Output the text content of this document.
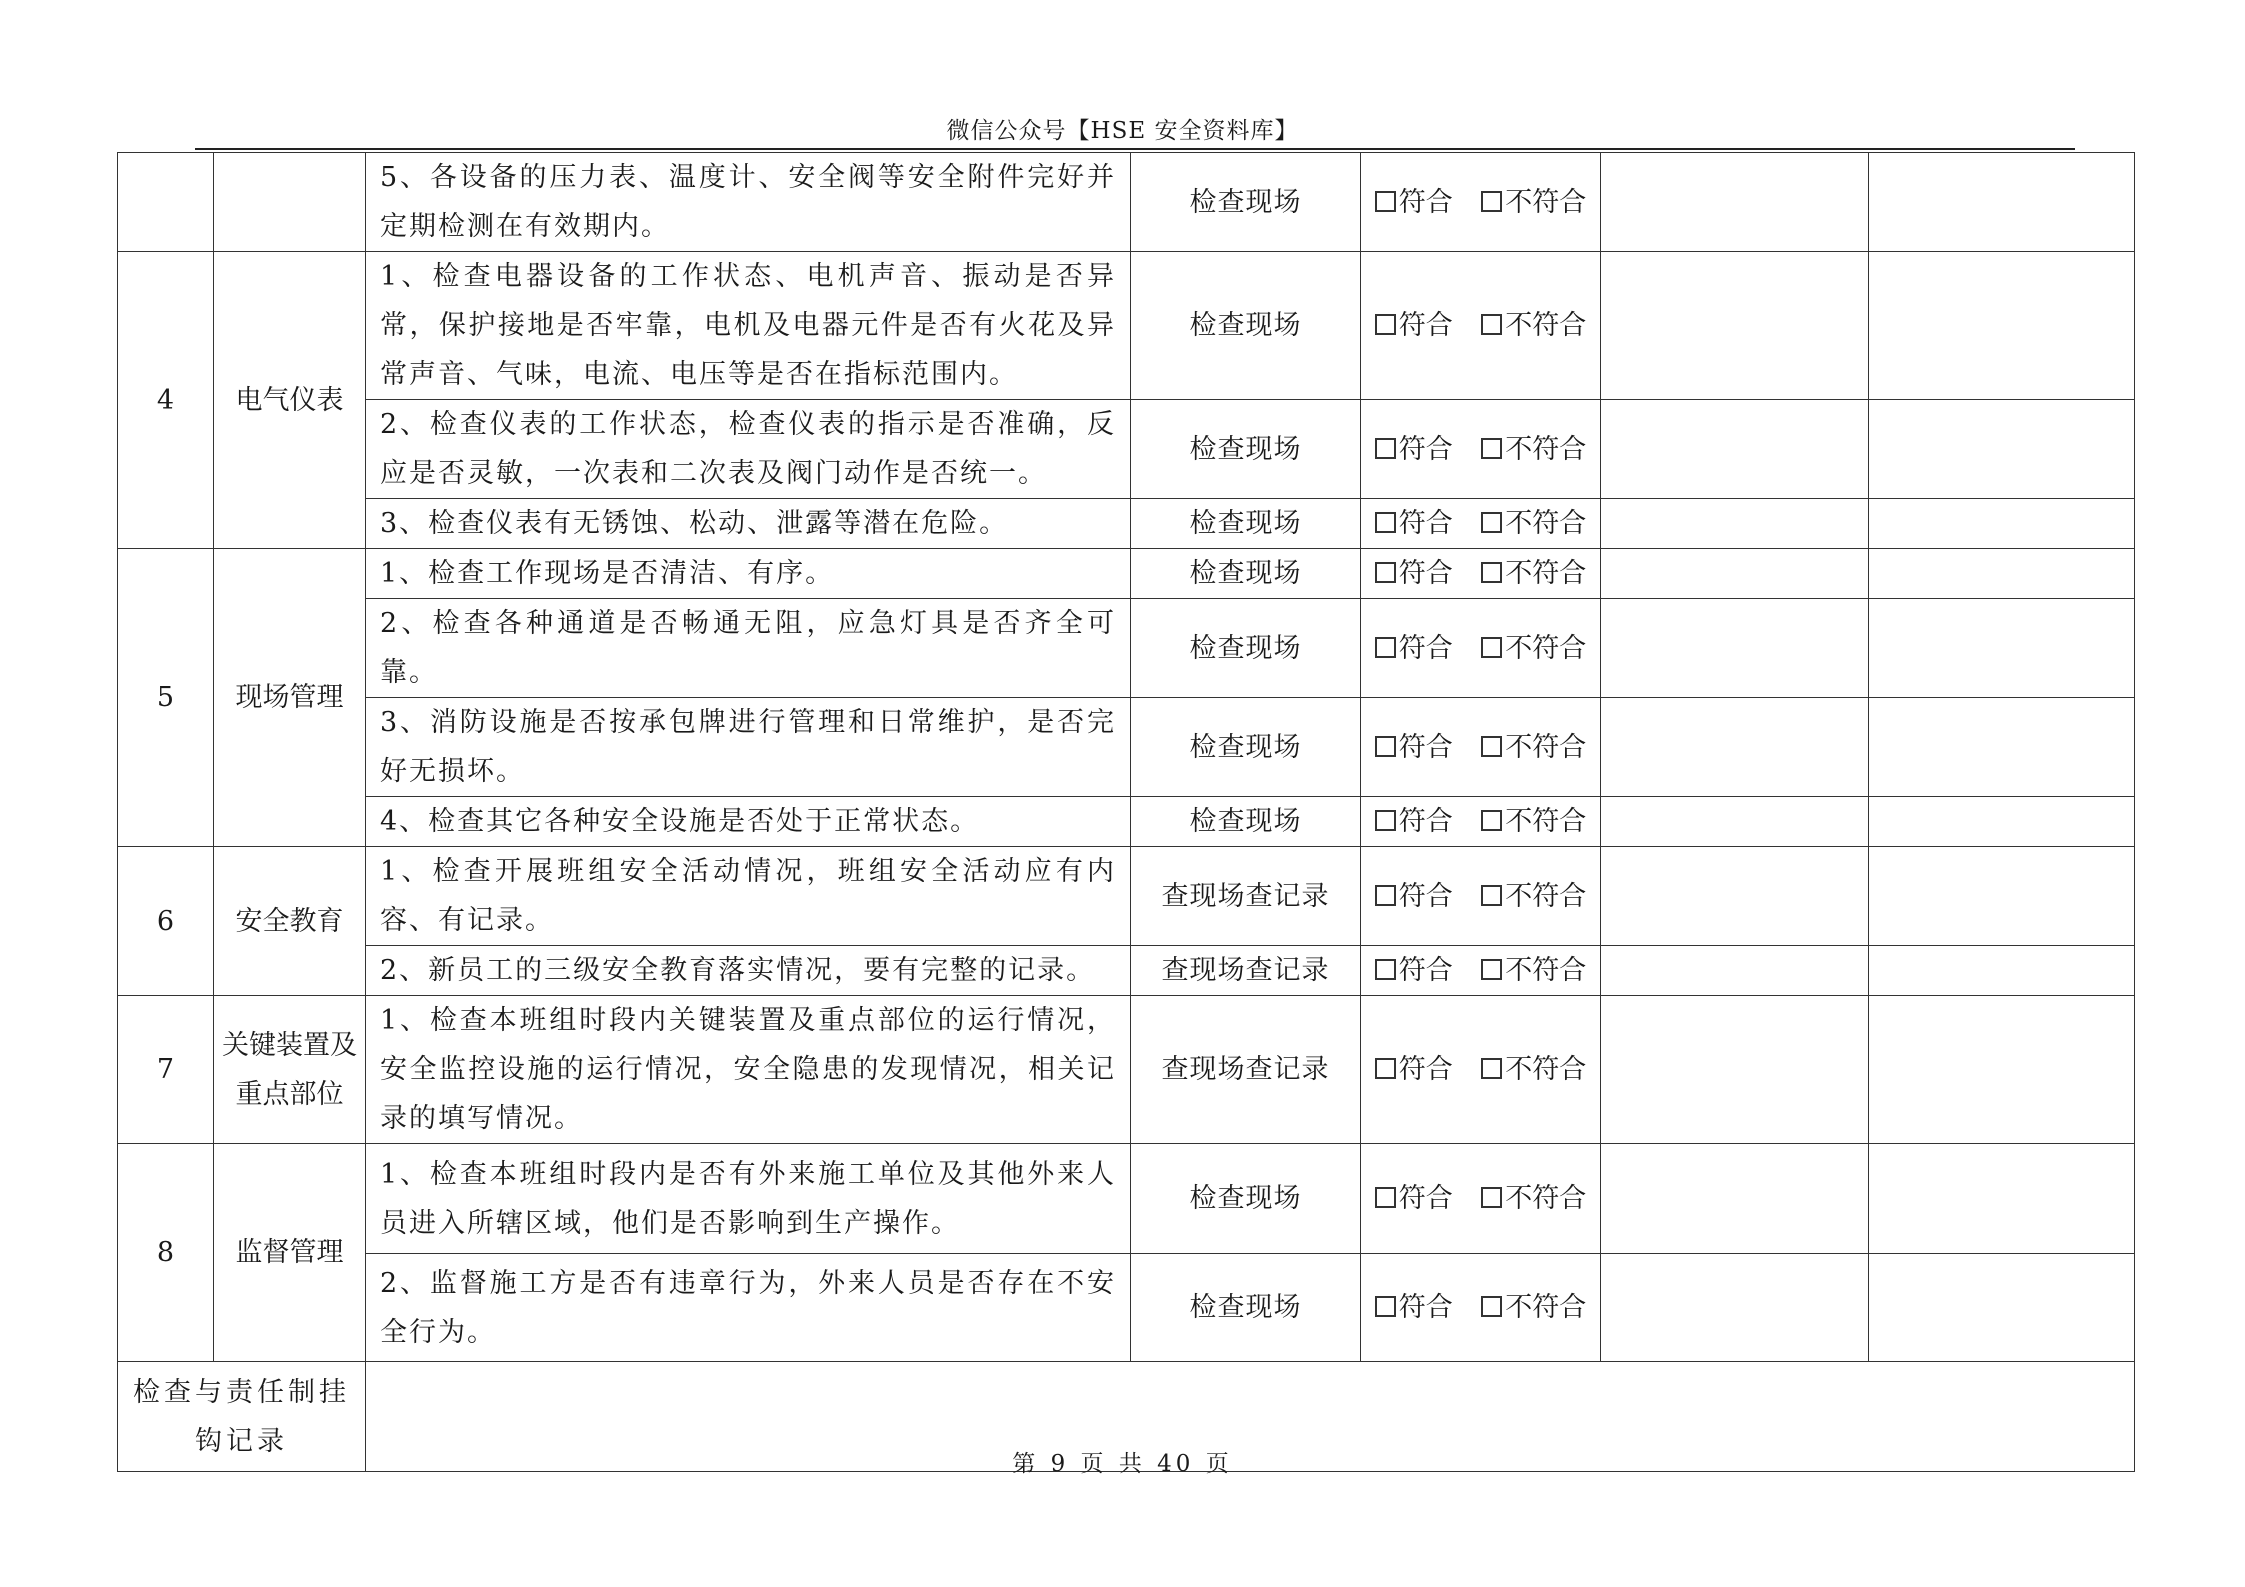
微信公众号【HSE 安全资料库】
		5、各设备的压力表、温度计、安全阀等安全附件完好并定期检测在有效期内。	检查现场	符合 不符合		
4	电气仪表	1、检查电器设备的工作状态、电机声音、振动是否异常，保护接地是否牢靠，电机及电器元件是否有火花及异常声音、气味，电流、电压等是否在指标范围内。	检查现场	符合 不符合		
		2、检查仪表的工作状态，检查仪表的指示是否准确，反应是否灵敏，一次表和二次表及阀门动作是否统一。	检查现场	符合 不符合		
		3、检查仪表有无锈蚀、松动、泄露等潜在危险。	检查现场	符合 不符合		
5	现场管理	1、检查工作现场是否清洁、有序。	检查现场	符合 不符合		
		2、检查各种通道是否畅通无阻，应急灯具是否齐全可靠。	检查现场	符合 不符合		
		3、消防设施是否按承包牌进行管理和日常维护，是否完好无损坏。	检查现场	符合 不符合		
		4、检查其它各种安全设施是否处于正常状态。	检查现场	符合 不符合		
6	安全教育	1、检查开展班组安全活动情况，班组安全活动应有内容、有记录。	查现场查记录	符合 不符合		
		2、新员工的三级安全教育落实情况，要有完整的记录。	查现场查记录	符合 不符合		
7	关键装置及重点部位	1、检查本班组时段内关键装置及重点部位的运行情况，安全监控设施的运行情况，安全隐患的发现情况，相关记录的填写情况。	查现场查记录	符合 不符合		
8	监督管理	1、检查本班组时段内是否有外来施工单位及其他外来人员进入所辖区域，他们是否影响到生产操作。	检查现场	符合 不符合		
		2、监督施工方是否有违章行为，外来人员是否存在不安全行为。	检查现场	符合 不符合		
检查与责任制挂钩记录						
第 9 页 共 40 页
